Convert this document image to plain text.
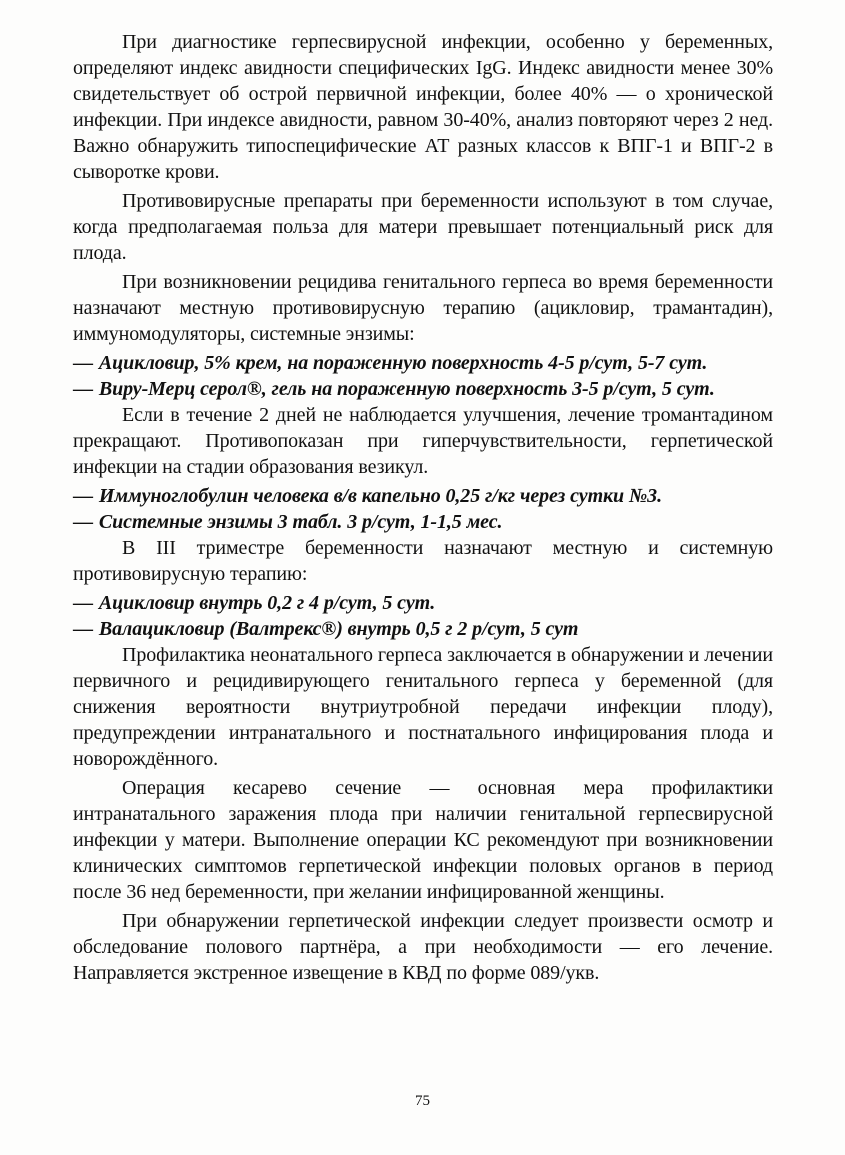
При диагностике герпесвирусной инфекции, особенно у беременных, определяют индекс авидности специфических IgG. Индекс авидности менее 30% свидетельствует об острой первичной инфекции, более 40% — о хронической инфекции. При индексе авидности, равном 30-40%, анализ повторяют через 2 нед. Важно обнаружить типоспецифические АТ разных классов к ВПГ-1 и ВПГ-2 в сыворотке крови.

Противовирусные препараты при беременности используют в том случае, когда предполагаемая польза для матери превышает потенциальный риск для плода.

При возникновении рецидива генитального герпеса во время беременности назначают местную противовирусную терапию (ацикловир, трамантадин), иммуномодуляторы, системные энзимы:

— Ацикловир, 5% крем, на пораженную поверхность 4-5 р/сут, 5-7 сут.

— Виру-Мерц серол®, гель на пораженную поверхность 3-5 р/сут, 5 сут.

Если в течение 2 дней не наблюдается улучшения, лечение тромантадином прекращают. Противопоказан при гиперчувствительности, герпетической инфекции на стадии образования везикул.

— Иммуноглобулин человека в/в капельно 0,25 г/кг через сутки №3.

— Системные энзимы 3 табл. 3 р/сут, 1-1,5 мес.

В III триместре беременности назначают местную и системную противовирусную терапию:

— Ацикловир внутрь 0,2 г 4 р/сут, 5 сут.

— Валацикловир (Валтрекс®) внутрь 0,5 г 2 р/сут, 5 сут

Профилактика неонатального герпеса заключается в обнаружении и лечении первичного и рецидивирующего генитального герпеса у беременной (для снижения вероятности внутриутробной передачи инфекции плоду), предупреждении интранатального и постнатального инфицирования плода и новорождённого.

Операция кесарево сечение — основная мера профилактики интранатального заражения плода при наличии генитальной герпесвирусной инфекции у матери. Выполнение операции КС рекомендуют при возникновении клинических симптомов герпетической инфекции половых органов в период после 36 нед беременности, при желании инфицированной женщины.

При обнаружении герпетической инфекции следует произвести осмотр и обследование полового партнёра, а при необходимости — его лечение. Направляется экстренное извещение в КВД по форме 089/укв.

75
